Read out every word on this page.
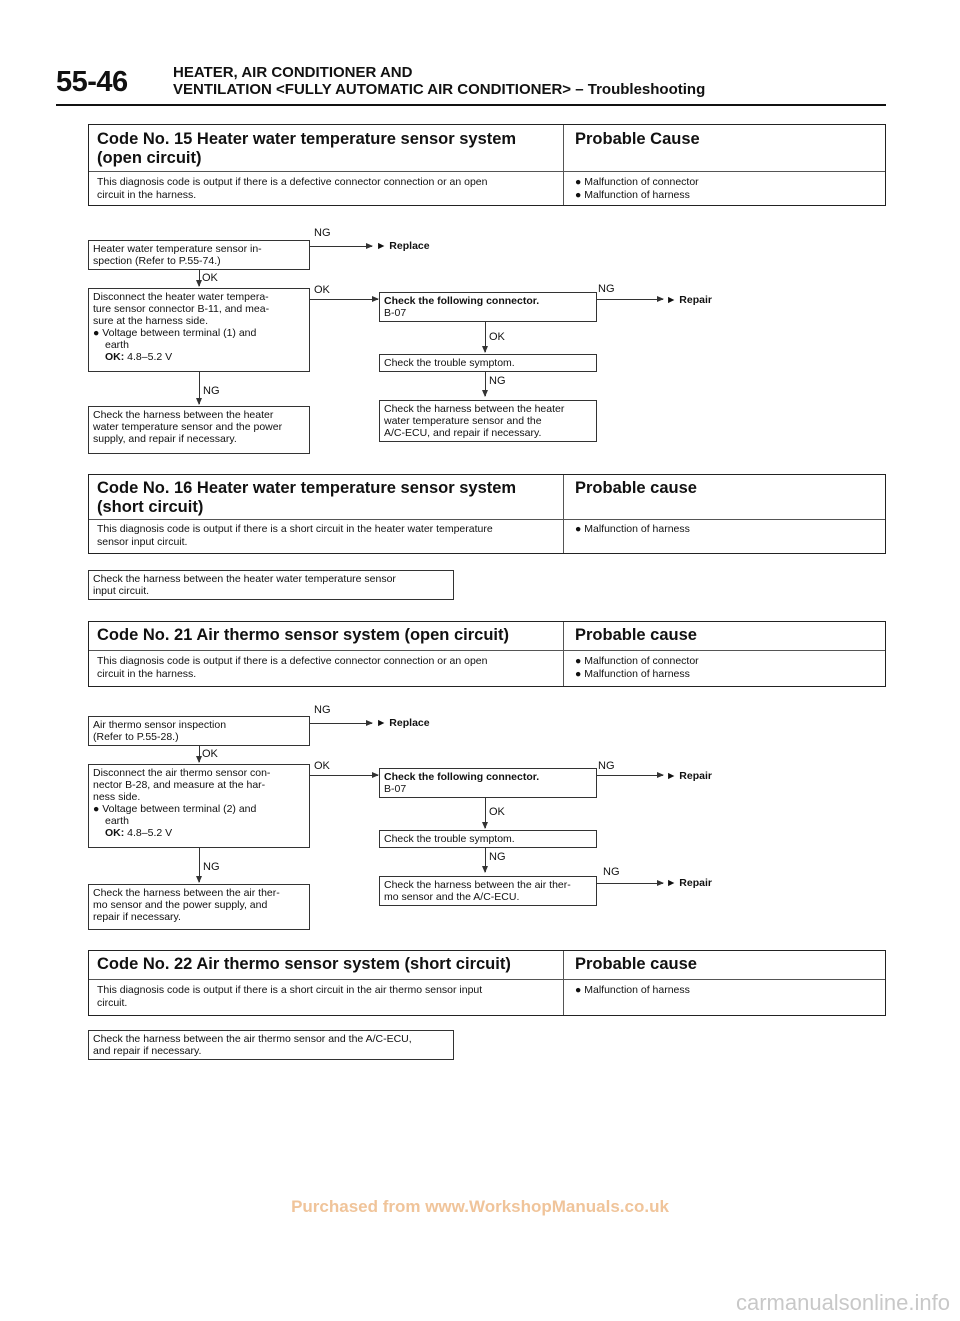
55-46	HEATER, AIR CONDITIONER AND
VENTILATION <FULLY AUTOMATIC AIR CONDITIONER> – Troubleshooting
Code No. 15 Heater water temperature sensor system
(open circuit)
Probable Cause
This diagnosis code is output if there is a defective connector connection or an open
circuit in the harness.
● Malfunction of connector
● Malfunction of harness
Heater water temperature sensor in-
spection (Refer to P.55-74.)
NG
► Replace
OK
Disconnect the heater water tempera-
ture sensor connector B-11, and mea-
sure at the harness side.
● Voltage between terminal (1) and
earth
OK: 4.8–5.2 V
OK
Check the following connector.
B-07
NG
► Repair
OK
Check the trouble symptom.
NG
Check the harness between the heater
water temperature sensor and the
A/C-ECU, and repair if necessary.
NG
Check the harness between the heater
water temperature sensor and the power
supply, and repair if necessary.
Code No. 16 Heater water temperature sensor system
(short circuit)
Probable cause
This diagnosis code is output if there is a short circuit in the heater water temperature
sensor input circuit.
● Malfunction of harness
Check the harness between the heater water temperature sensor
input circuit.
Code No. 21 Air thermo sensor system (open circuit)	Probable cause
This diagnosis code is output if there is a defective connector connection or an open
circuit in the harness.
● Malfunction of connector
● Malfunction of harness
Air thermo sensor inspection
(Refer to P.55-28.)
NG
► Replace
OK
Disconnect the air thermo sensor con-
nector B-28, and measure at the har-
ness side.
● Voltage between terminal (2) and
earth
OK: 4.8–5.2 V
OK
Check the following connector.
B-07
NG
► Repair
OK
Check the trouble symptom.
NG
Check the harness between the air ther-
mo sensor and the A/C-ECU.
NG
► Repair
NG
Check the harness between the air ther-
mo sensor and the power supply, and
repair if necessary.
Code No. 22 Air thermo sensor system (short circuit)	Probable cause
This diagnosis code is output if there is a short circuit in the air thermo sensor input
circuit.
● Malfunction of harness
Check the harness between the air thermo sensor and the A/C-ECU,
and repair if necessary.
Purchased from www.WorkshopManuals.co.uk
carmanualsonline.info
